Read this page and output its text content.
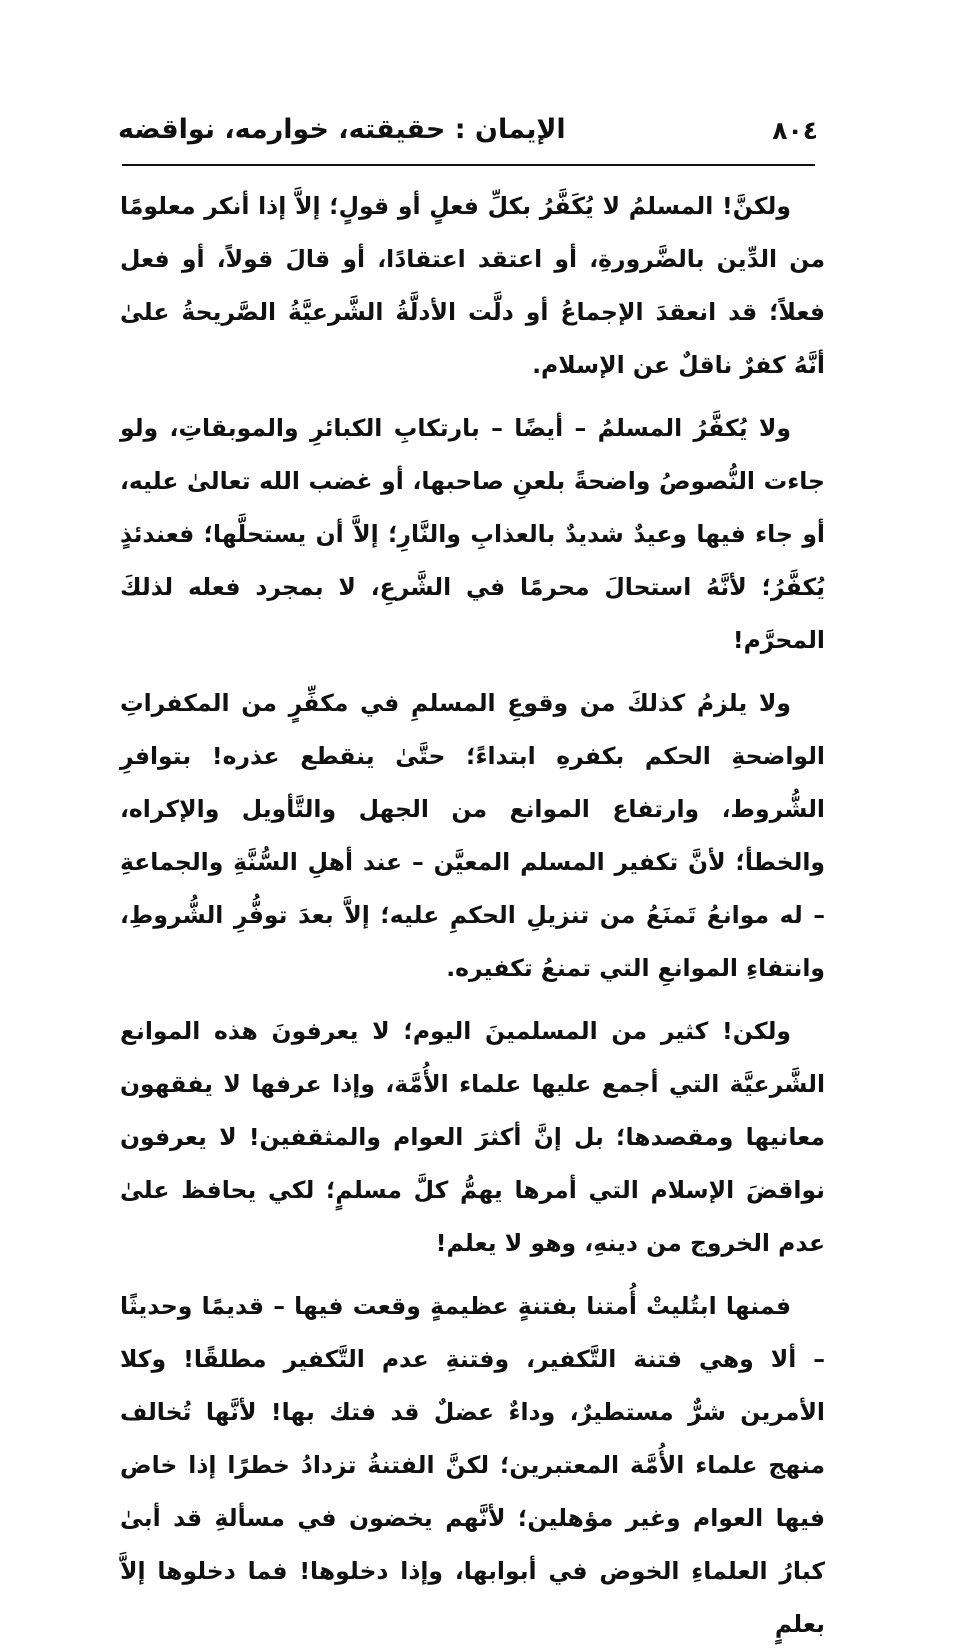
٨٠٤
الإيمان : حقيقته، خوارمه، نواقضه

ولكنَّ! المسلمُ لا يُكَفَّرُ بكلِّ فعلٍ أو قولٍ؛ إلاَّ إذا أنكر معلومًا من الدِّين بالضَّرورةِ، أو اعتقد اعتقادًا، أو قالَ قولاً، أو فعل فعلاً؛ قد انعقدَ الإجماعُ أو دلَّت الأدلَّةُ الشَّرعيَّةُ الصَّريحةُ علىٰ أنَّهُ كفرٌ ناقلٌ عن الإسلام.

ولا يُكفَّرُ المسلمُ – أيضًا – بارتكابِ الكبائرِ والموبقاتِ، ولو جاءت النُّصوصُ واضحةً بلعنِ صاحبها، أو غضب الله تعالىٰ عليه، أو جاء فيها وعيدٌ شديدٌ بالعذابِ والنَّارِ؛ إلاَّ أن يستحلَّها؛ فعندئذٍ يُكفَّرُ؛ لأنَّهُ استحالَ محرمًا في الشَّرعِ، لا بمجرد فعله لذلكَ المحرَّم!

ولا يلزمُ كذلكَ من وقوعِ المسلمِ في مكفِّرٍ من المكفراتِ الواضحةِ الحكم بكفرهِ ابتداءً؛ حتَّىٰ ينقطع عذره! بتوافرِ الشُّروط، وارتفاع الموانع من الجهل والتَّأويل والإكراه، والخطأ؛ لأنَّ تكفير المسلم المعيَّن – عند أهلِ السُّنَّةِ والجماعةِ – له موانعُ تَمنَعُ من تنزيلِ الحكمِ عليه؛ إلاَّ بعدَ توفُّرِ الشُّروطِ، وانتفاءِ الموانعِ التي تمنعُ تكفيره.

ولكن! كثير من المسلمينَ اليوم؛ لا يعرفونَ هذه الموانع الشَّرعيَّة التي أجمع عليها علماء الأُمَّة، وإذا عرفها لا يفقهون معانيها ومقصدها؛ بل إنَّ أكثرَ العوام والمثقفين! لا يعرفون نواقضَ الإسلام التي أمرها يهمُّ كلَّ مسلمٍ؛ لكي يحافظ علىٰ عدم الخروج من دينهِ، وهو لا يعلم!

فمنها ابتُليتْ أُمتنا بفتنةٍ عظيمةٍ وقعت فيها – قديمًا وحديثًا – ألا وهي فتنة التَّكفير، وفتنةِ عدم التَّكفير مطلقًا! وكلا الأمرين شرٌّ مستطيرٌ، وداءٌ عضلٌ قد فتك بها! لأنَّها تُخالف منهج علماء الأُمَّة المعتبرين؛ لكنَّ الفتنةُ تزدادُ خطرًا إذا خاض فيها العوام وغير مؤهلين؛ لأنَّهم يخضون في مسألةِ قد أبىٰ كبارُ العلماءِ الخوض في أبوابها، وإذا دخلوها! فما دخلوها إلاَّ بعلمٍ
